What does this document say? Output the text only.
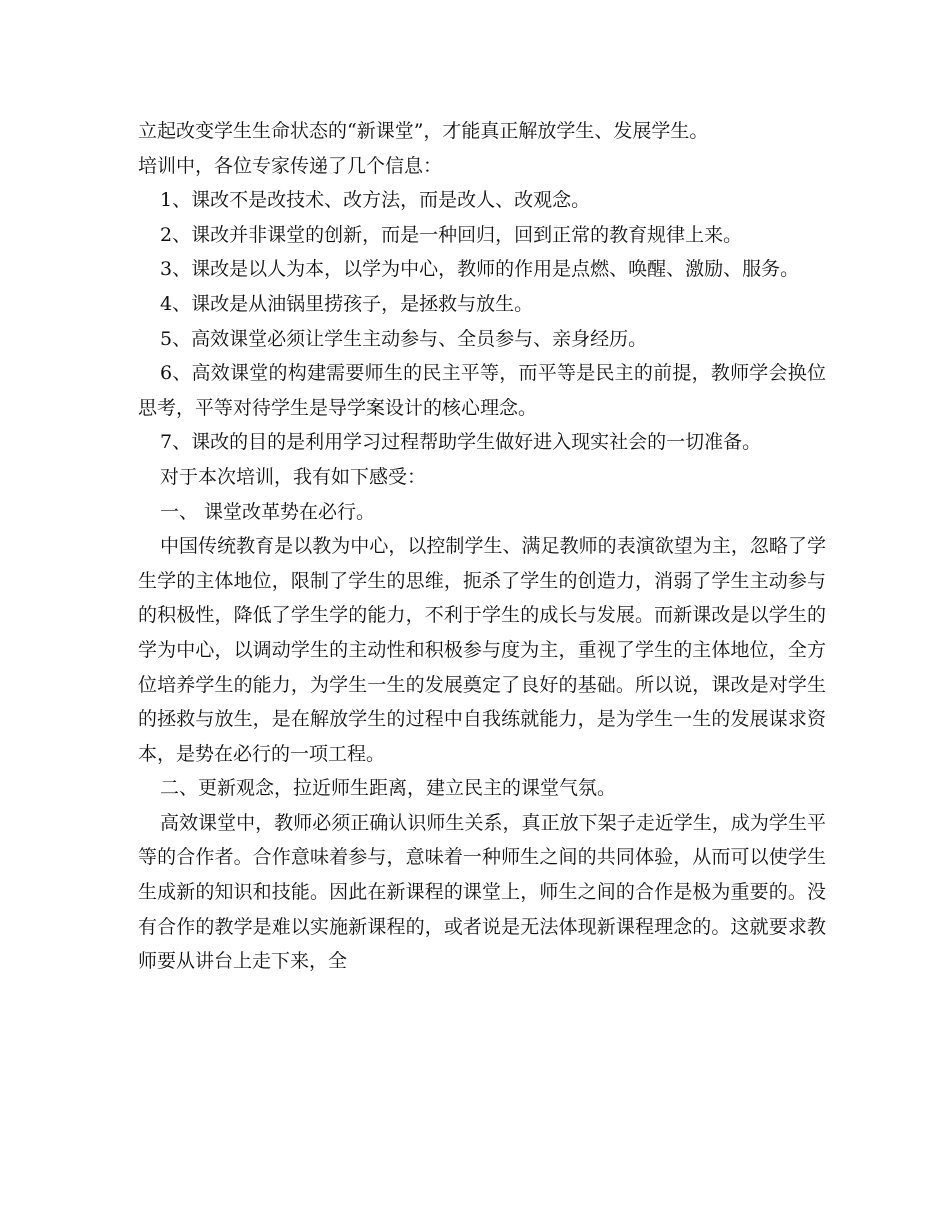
立起改变学生生命状态的“新课堂”，才能真正解放学生、发展学生。

培训中，各位专家传递了几个信息：

1、课改不是改技术、改方法，而是改人、改观念。

2、课改并非课堂的创新，而是一种回归，回到正常的教育规律上来。

3、课改是以人为本，以学为中心，教师的作用是点燃、唤醒、激励、服务。

4、课改是从油锅里捞孩子，是拯救与放生。

5、高效课堂必须让学生主动参与、全员参与、亲身经历。

6、高效课堂的构建需要师生的民主平等，而平等是民主的前提，教师学会换位思考，平等对待学生是导学案设计的核心理念。

7、课改的目的是利用学习过程帮助学生做好进入现实社会的一切准备。

对于本次培训，我有如下感受：

一、 课堂改革势在必行。

中国传统教育是以教为中心，以控制学生、满足教师的表演欲望为主，忽略了学生学的主体地位，限制了学生的思维，扼杀了学生的创造力，消弱了学生主动参与的积极性，降低了学生学的能力，不利于学生的成长与发展。而新课改是以学生的学为中心，以调动学生的主动性和积极参与度为主，重视了学生的主体地位，全方位培养学生的能力，为学生一生的发展奠定了良好的基础。所以说，课改是对学生的拯救与放生，是在解放学生的过程中自我练就能力，是为学生一生的发展谋求资本，是势在必行的一项工程。

二、更新观念，拉近师生距离，建立民主的课堂气氛。

高效课堂中，教师必须正确认识师生关系，真正放下架子走近学生，成为学生平等的合作者。合作意味着参与，意味着一种师生之间的共同体验，从而可以使学生生成新的知识和技能。因此在新课程的课堂上，师生之间的合作是极为重要的。没有合作的教学是难以实施新课程的，或者说是无法体现新课程理念的。这就要求教师要从讲台上走下来，全
